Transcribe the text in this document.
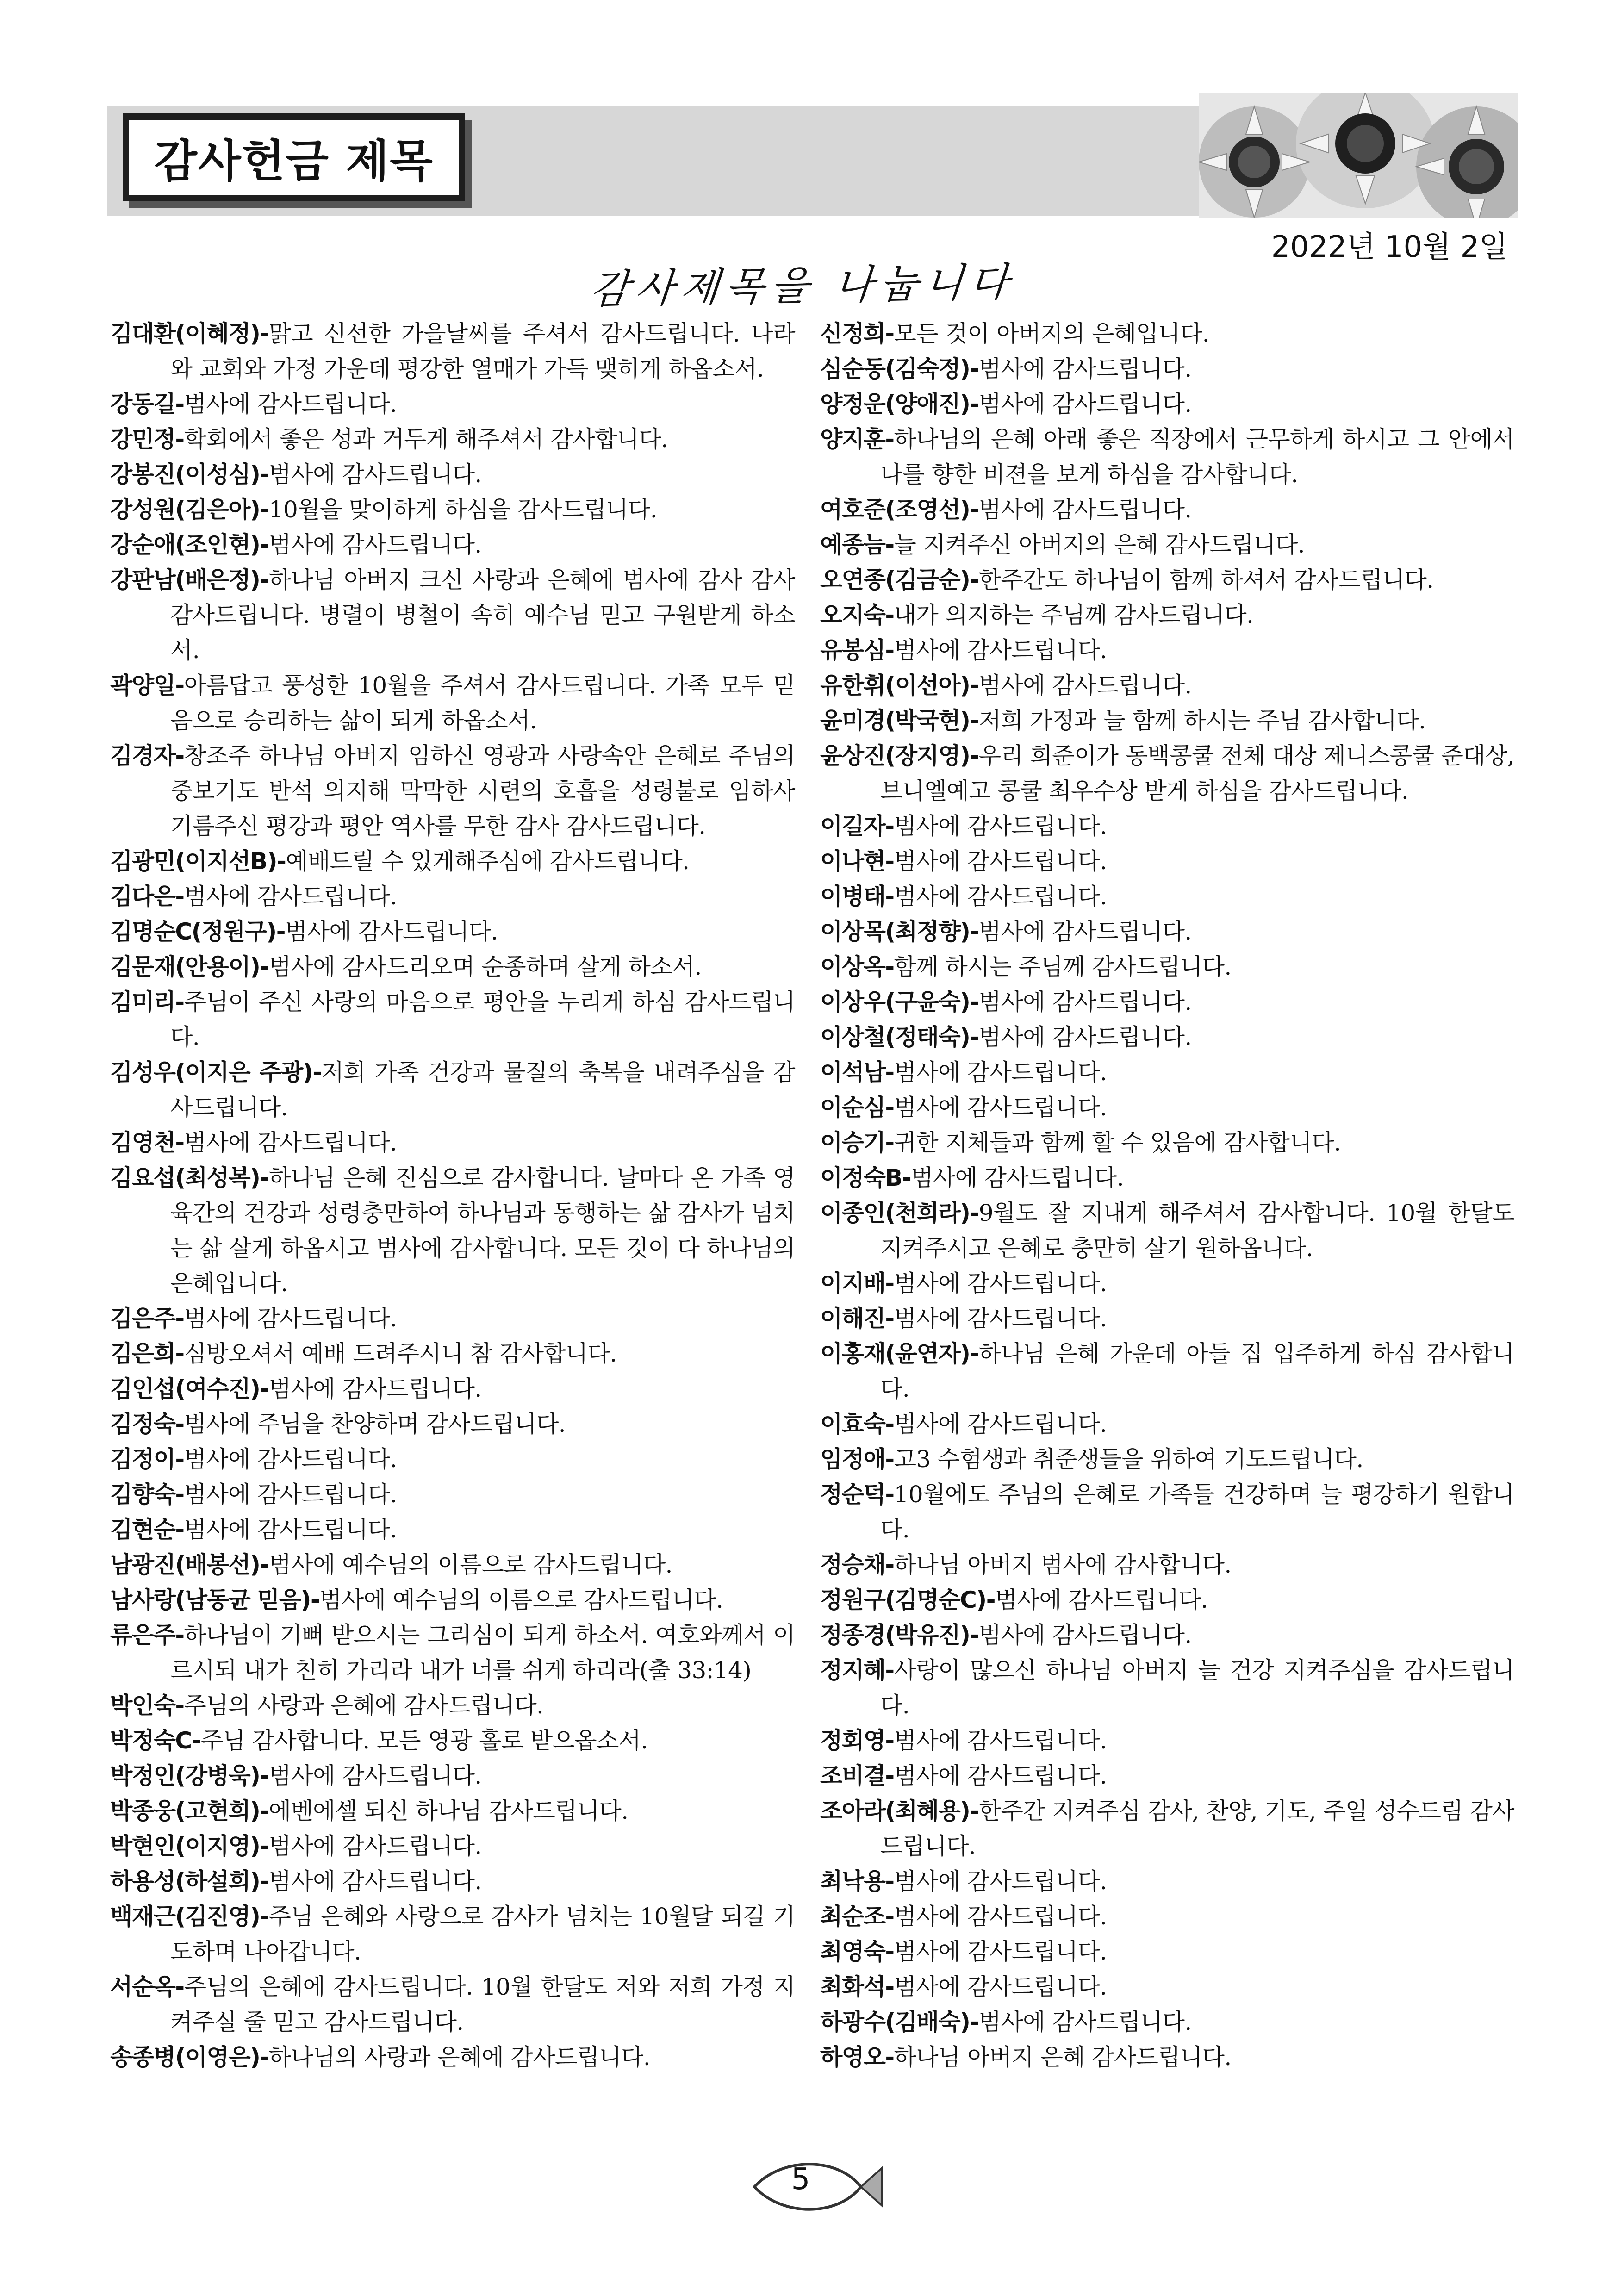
감사헌금 제목
2022년 10월 2일
감사제목을 나눕니다
김대환(이혜정)-맑고 신선한 가을날씨를 주셔서 감사드립니다. 나라와 교회와 가정 가운데 평강한 열매가 가득 맺히게 하옵소서.
강동길-범사에 감사드립니다.
강민정-학회에서 좋은 성과 거두게 해주셔서 감사합니다.
강봉진(이성심)-범사에 감사드립니다.
강성원(김은아)-10월을 맞이하게 하심을 감사드립니다.
강순애(조인현)-범사에 감사드립니다.
강판남(배은정)-하나님 아버지 크신 사랑과 은혜에 범사에 감사 감사 감사드립니다. 병렬이 병철이 속히 예수님 믿고 구원받게 하소서.
곽양일-아름답고 풍성한 10월을 주셔서 감사드립니다. 가족 모두 믿음으로 승리하는 삶이 되게 하옵소서.
김경자-창조주 하나님 아버지 임하신 영광과 사랑속안 은혜로 주님의 중보기도 반석 의지해 막막한 시련의 호흡을 성령불로 임하사 기름주신 평강과 평안 역사를 무한 감사 감사드립니다.
김광민(이지선B)-예배드릴 수 있게해주심에 감사드립니다.
김다은-범사에 감사드립니다.
김명순C(정원구)-범사에 감사드립니다.
김문재(안용이)-범사에 감사드리오며 순종하며 살게 하소서.
김미리-주님이 주신 사랑의 마음으로 평안을 누리게 하심 감사드립니다.
김성우(이지은 주광)-저희 가족 건강과 물질의 축복을 내려주심을 감사드립니다.
김영천-범사에 감사드립니다.
김요섭(최성복)-하나님 은혜 진심으로 감사합니다. 날마다 온 가족 영육간의 건강과 성령충만하여 하나님과 동행하는 삶 감사가 넘치는 삶 살게 하옵시고 범사에 감사합니다. 모든 것이 다 하나님의 은혜입니다.
김은주-범사에 감사드립니다.
김은희-심방오셔서 예배 드려주시니 참 감사합니다.
김인섭(여수진)-범사에 감사드립니다.
김정숙-범사에 주님을 찬양하며 감사드립니다.
김정이-범사에 감사드립니다.
김향숙-범사에 감사드립니다.
김현순-범사에 감사드립니다.
남광진(배봉선)-범사에 예수님의 이름으로 감사드립니다.
남사랑(남동균 믿음)-범사에 예수님의 이름으로 감사드립니다.
류은주-하나님이 기뻐 받으시는 그리심이 되게 하소서. 여호와께서 이르시되 내가 친히 가리라 내가 너를 쉬게 하리라(출 33:14)
박인숙-주님의 사랑과 은혜에 감사드립니다.
박정숙C-주님 감사합니다. 모든 영광 홀로 받으옵소서.
박정인(강병욱)-범사에 감사드립니다.
박종웅(고현희)-에벤에셀 되신 하나님 감사드립니다.
박현인(이지영)-범사에 감사드립니다.
하용성(하설희)-범사에 감사드립니다.
백재근(김진영)-주님 은혜와 사랑으로 감사가 넘치는 10월달 되길 기도하며 나아갑니다.
서순옥-주님의 은혜에 감사드립니다. 10월 한달도 저와 저희 가정 지켜주실 줄 믿고 감사드립니다.
송종병(이영은)-하나님의 사랑과 은혜에 감사드립니다.
신정희-모든 것이 아버지의 은혜입니다.
심순동(김숙정)-범사에 감사드립니다.
양정운(양애진)-범사에 감사드립니다.
양지훈-하나님의 은혜 아래 좋은 직장에서 근무하게 하시고 그 안에서 나를 향한 비젼을 보게 하심을 감사합니다.
여호준(조영선)-범사에 감사드립니다.
예종늠-늘 지켜주신 아버지의 은혜 감사드립니다.
오연종(김금순)-한주간도 하나님이 함께 하셔서 감사드립니다.
오지숙-내가 의지하는 주님께 감사드립니다.
유봉심-범사에 감사드립니다.
유한휘(이선아)-범사에 감사드립니다.
윤미경(박국현)-저희 가정과 늘 함께 하시는 주님 감사합니다.
윤상진(장지영)-우리 희준이가 동백콩쿨 전체 대상 제니스콩쿨 준대상, 브니엘예고 콩쿨 최우수상 받게 하심을 감사드립니다.
이길자-범사에 감사드립니다.
이나현-범사에 감사드립니다.
이병태-범사에 감사드립니다.
이상목(최정향)-범사에 감사드립니다.
이상옥-함께 하시는 주님께 감사드립니다.
이상우(구윤숙)-범사에 감사드립니다.
이상철(정태숙)-범사에 감사드립니다.
이석남-범사에 감사드립니다.
이순심-범사에 감사드립니다.
이승기-귀한 지체들과 함께 할 수 있음에 감사합니다.
이정숙B-범사에 감사드립니다.
이종인(천희라)-9월도 잘 지내게 해주셔서 감사합니다. 10월 한달도 지켜주시고 은혜로 충만히 살기 원하옵니다.
이지배-범사에 감사드립니다.
이해진-범사에 감사드립니다.
이홍재(윤연자)-하나님 은혜 가운데 아들 집 입주하게 하심 감사합니다.
이효숙-범사에 감사드립니다.
임정애-고3 수험생과 취준생들을 위하여 기도드립니다.
정순덕-10월에도 주님의 은혜로 가족들 건강하며 늘 평강하기 원합니다.
정승채-하나님 아버지 범사에 감사합니다.
정원구(김명순C)-범사에 감사드립니다.
정종경(박유진)-범사에 감사드립니다.
정지혜-사랑이 많으신 하나님 아버지 늘 건강 지켜주심을 감사드립니다.
정회영-범사에 감사드립니다.
조비결-범사에 감사드립니다.
조아라(최혜용)-한주간 지켜주심 감사, 찬양, 기도, 주일 성수드림 감사드립니다.
최낙용-범사에 감사드립니다.
최순조-범사에 감사드립니다.
최영숙-범사에 감사드립니다.
최화석-범사에 감사드립니다.
하광수(김배숙)-범사에 감사드립니다.
하영오-하나님 아버지 은혜 감사드립니다.
5
